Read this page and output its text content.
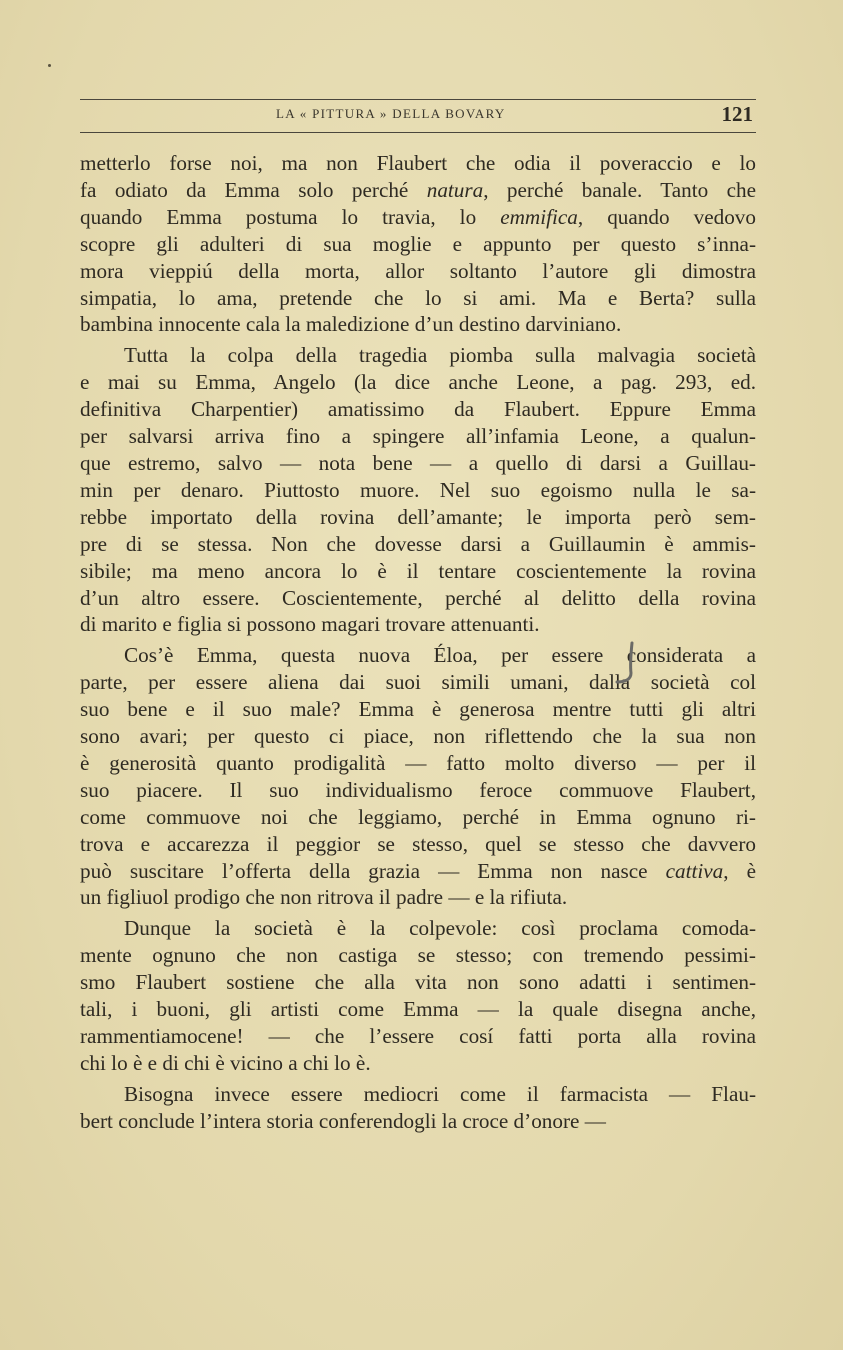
LA « PITTURA » DELLA BOVARY	121
metterlo forse noi, ma non Flaubert che odia il poveraccio e lo
fa odiato da Emma solo perché natura, perché banale. Tanto che
quando Emma postuma lo travia, lo emmifica, quando vedovo
scopre gli adulteri di sua moglie e appunto per questo s’inna-
mora vieppiú della morta, allor soltanto l’autore gli dimostra
simpatia, lo ama, pretende che lo si ami. Ma e Berta? sulla
bambina innocente cala la maledizione d’un destino darviniano.
Tutta la colpa della tragedia piomba sulla malvagia società
e mai su Emma, Angelo (la dice anche Leone, a pag. 293, ed.
definitiva Charpentier) amatissimo da Flaubert. Eppure Emma
per salvarsi arriva fino a spingere all’infamia Leone, a qualun-
que estremo, salvo — nota bene — a quello di darsi a Guillau-
min per denaro. Piuttosto muore. Nel suo egoismo nulla le sa-
rebbe importato della rovina dell’amante; le importa però sem-
pre di se stessa. Non che dovesse darsi a Guillaumin è ammis-
sibile; ma meno ancora lo è il tentare coscientemente la rovina
d’un altro essere. Coscientemente, perché al delitto della rovina
di marito e figlia si possono magari trovare attenuanti.
Cos’è Emma, questa nuova Éloa, per essere considerata a
parte, per essere aliena dai suoi simili umani, dalla società col
suo bene e il suo male? Emma è generosa mentre tutti gli altri
sono avari; per questo ci piace, non riflettendo che la sua non
è generosità quanto prodigalità — fatto molto diverso — per il
suo piacere. Il suo individualismo feroce commuove Flaubert,
come commuove noi che leggiamo, perché in Emma ognuno ri-
trova e accarezza il peggior se stesso, quel se stesso che davvero
può suscitare l’offerta della grazia — Emma non nasce cattiva, è
un figliuol prodigo che non ritrova il padre — e la rifiuta.
Dunque la società è la colpevole: così proclama comoda-
mente ognuno che non castiga se stesso; con tremendo pessimi-
smo Flaubert sostiene che alla vita non sono adatti i sentimen-
tali, i buoni, gli artisti come Emma — la quale disegna anche,
rammentiamocene! — che l’essere cosí fatti porta alla rovina
chi lo è e di chi è vicino a chi lo è.
Bisogna invece essere mediocri come il farmacista — Flau-
bert conclude l’intera storia conferendogli la croce d’onore —
